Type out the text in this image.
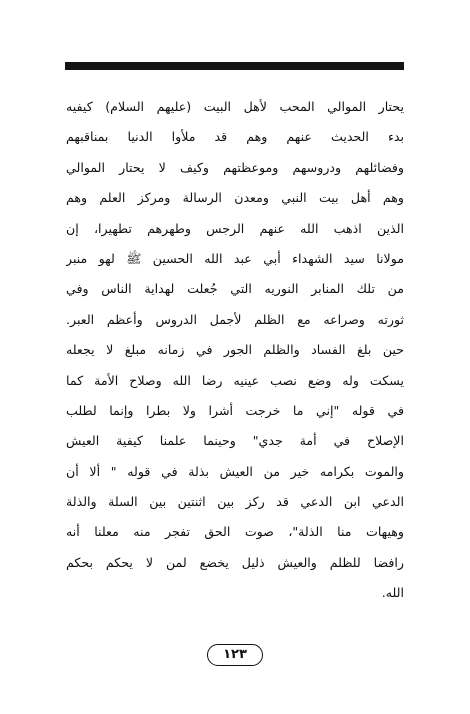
يحتار الموالي المحب لأهل البيت (عليهم السلام) كيفيه
بدء الحديث عنهم وهم قد ملأوا الدنيا بمناقبهم
وفضائلهم ودروسهم وموعظتهم وكيف لا يحتار الموالي
وهم أهل بيت النبي ومعدن الرسالة ومركز العلم وهم
الذين اذهب الله عنهم الرجس وطهرهم تطهيرا، إن
مولانا سيد الشهداء أبي عبد الله الحسين ﷺ لهو منبر
من تلك المنابر النوريه التي جُعلت لهداية الناس وفي
ثورته وصراعه مع الظلم لأجمل الدروس وأعظم العبر.
حين بلغ الفساد والظلم الجور في زمانه مبلغ لا يجعله
يسكت وله وضع نصب عينيه رضا الله وصلاح الأمة كما
في قوله "إني ما خرجت أشرا ولا بطرا وإنما لطلب
الإصلاح في أمة جدي" وحينما علمنا كيفية العيش
والموت بكرامه خير من العيش بذلة في قوله " ألا أن
الدعي ابن الدعي قد ركز بين اثنتين بين السلة والذلة
وهيهات منا الذلة"، صوت الحق تفجر منه معلنا أنه
رافضا للظلم والعيش ذليل يخضع لمن لا يحكم بحكم
الله.
١٢٣
